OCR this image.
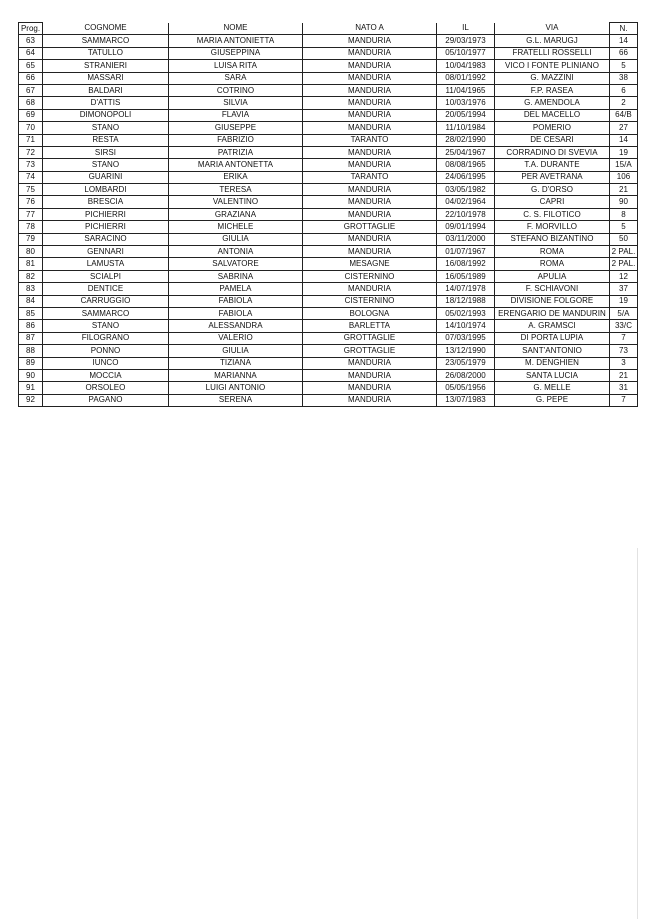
Prog.	COGNOME	NOME	NATO A	IL	VIA	N.
63	SAMMARCO	MARIA ANTONIETTA	MANDURIA	29/03/1973	G.L. MARUGJ	14
64	TATULLO	GIUSEPPINA	MANDURIA	05/10/1977	FRATELLI ROSSELLI	66
65	STRANIERI	LUISA RITA	MANDURIA	10/04/1983	VICO I FONTE PLINIANO	5
66	MASSARI	SARA	MANDURIA	08/01/1992	G. MAZZINI	38
67	BALDARI	COTRINO	MANDURIA	11/04/1965	F.P. RASEA	6
68	D'ATTIS	SILVIA	MANDURIA	10/03/1976	G. AMENDOLA	2
69	DIMONOPOLI	FLAVIA	MANDURIA	20/05/1994	DEL MACELLO	64/B
70	STANO	GIUSEPPE	MANDURIA	11/10/1984	POMERIO	27
71	RESTA	FABRIZIO	TARANTO	28/02/1990	DE CESARI	14
72	SIRSI	PATRIZIA	MANDURIA	25/04/1967	CORRADINO DI SVEVIA	19
73	STANO	MARIA ANTONETTA	MANDURIA	08/08/1965	T.A. DURANTE	15/A
74	GUARINI	ERIKA	TARANTO	24/06/1995	PER AVETRANA	106
75	LOMBARDI	TERESA	MANDURIA	03/05/1982	G. D'ORSO	21
76	BRESCIA	VALENTINO	MANDURIA	04/02/1964	CAPRI	90
77	PICHIERRI	GRAZIANA	MANDURIA	22/10/1978	C. S. FILOTICO	8
78	PICHIERRI	MICHELE	GROTTAGLIE	09/01/1994	F. MORVILLO	5
79	SARACINO	GIULIA	MANDURIA	03/11/2000	STEFANO BIZANTINO	50
80	GENNARI	ANTONIA	MANDURIA	01/07/1967	ROMA	2 PAL.
81	LAMUSTA	SALVATORE	MESAGNE	16/08/1992	ROMA	2 PAL.
82	SCIALPI	SABRINA	CISTERNINO	16/05/1989	APULIA	12
83	DENTICE	PAMELA	MANDURIA	14/07/1978	F. SCHIAVONI	37
84	CARRUGGIO	FABIOLA	CISTERNINO	18/12/1988	DIVISIONE FOLGORE	19
85	SAMMARCO	FABIOLA	BOLOGNA	05/02/1993	ERENGARIO DE MANDURIN	5/A
86	STANO	ALESSANDRA	BARLETTA	14/10/1974	A. GRAMSCI	33/C
87	FILOGRANO	VALERIO	GROTTAGLIE	07/03/1995	DI PORTA LUPIA	7
88	PONNO	GIULIA	GROTTAGLIE	13/12/1990	SANT'ANTONIO	73
89	IUNCO	TIZIANA	MANDURIA	23/05/1979	M. DENGHIEN	3
90	MOCCIA	MARIANNA	MANDURIA	26/08/2000	SANTA LUCIA	21
91	ORSOLEO	LUIGI ANTONIO	MANDURIA	05/05/1956	G. MELLE	31
92	PAGANO	SERENA	MANDURIA	13/07/1983	G. PEPE	7
